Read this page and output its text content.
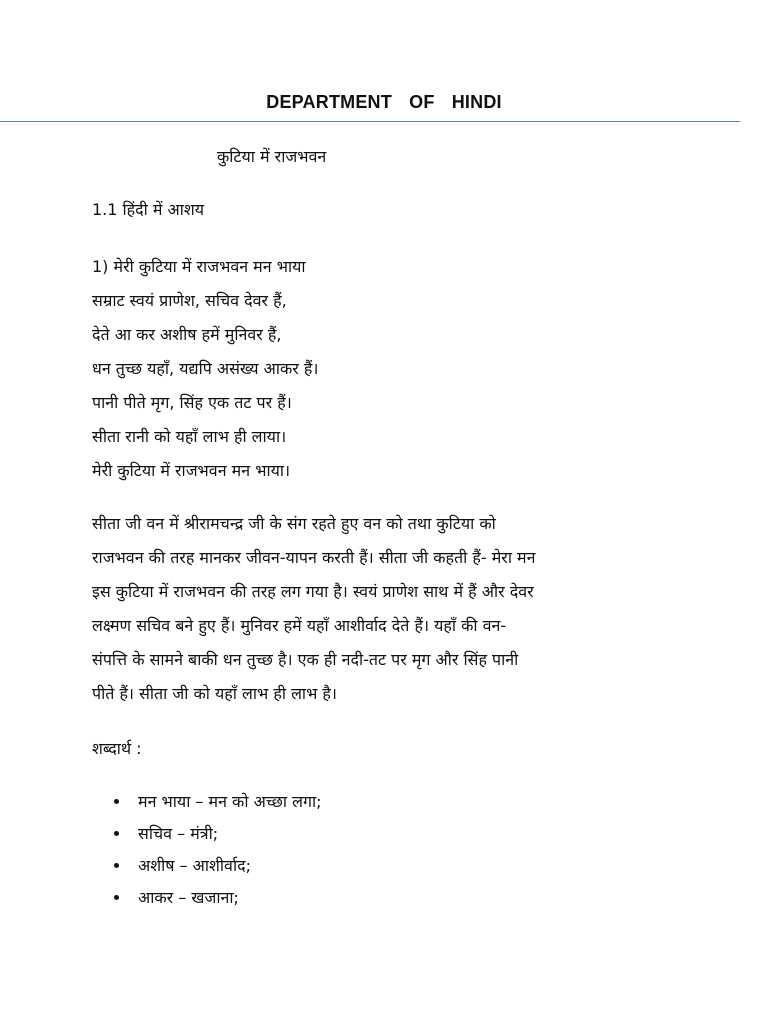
DEPARTMENT OF HINDI
कुटिया में राजभवन
1.1 हिंदी में आशय
1) मेरी कुटिया में राजभवन मन भाया
सम्राट स्वयं प्राणेश, सचिव देवर हैं,
देते आ कर अशीष हमें मुनिवर हैं,
धन तुच्छ यहाँ, यद्यपि असंख्य आकर हैं।
पानी पीते मृग, सिंह एक तट पर हैं।
सीता रानी को यहाँ लाभ ही लाया।
मेरी कुटिया में राजभवन मन भाया।
सीता जी वन में श्रीरामचन्द्र जी के संग रहते हुए वन को तथा कुटिया को
राजभवन की तरह मानकर जीवन-यापन करती हैं। सीता जी कहती हैं- मेरा मन
इस कुटिया में राजभवन की तरह लग गया है। स्वयं प्राणेश साथ में हैं और देवर
लक्ष्मण सचिव बने हुए हैं। मुनिवर हमें यहाँ आशीर्वाद देते हैं। यहाँ की वन-
संपत्ति के सामने बाकी धन तुच्छ है। एक ही नदी-तट पर मृग और सिंह पानी
पीते हैं। सीता जी को यहाँ लाभ ही लाभ है।
शब्दार्थ :
मन भाया – मन को अच्छा लगा;
सचिव – मंत्री;
अशीष – आशीर्वाद;
आकर – खजाना;
